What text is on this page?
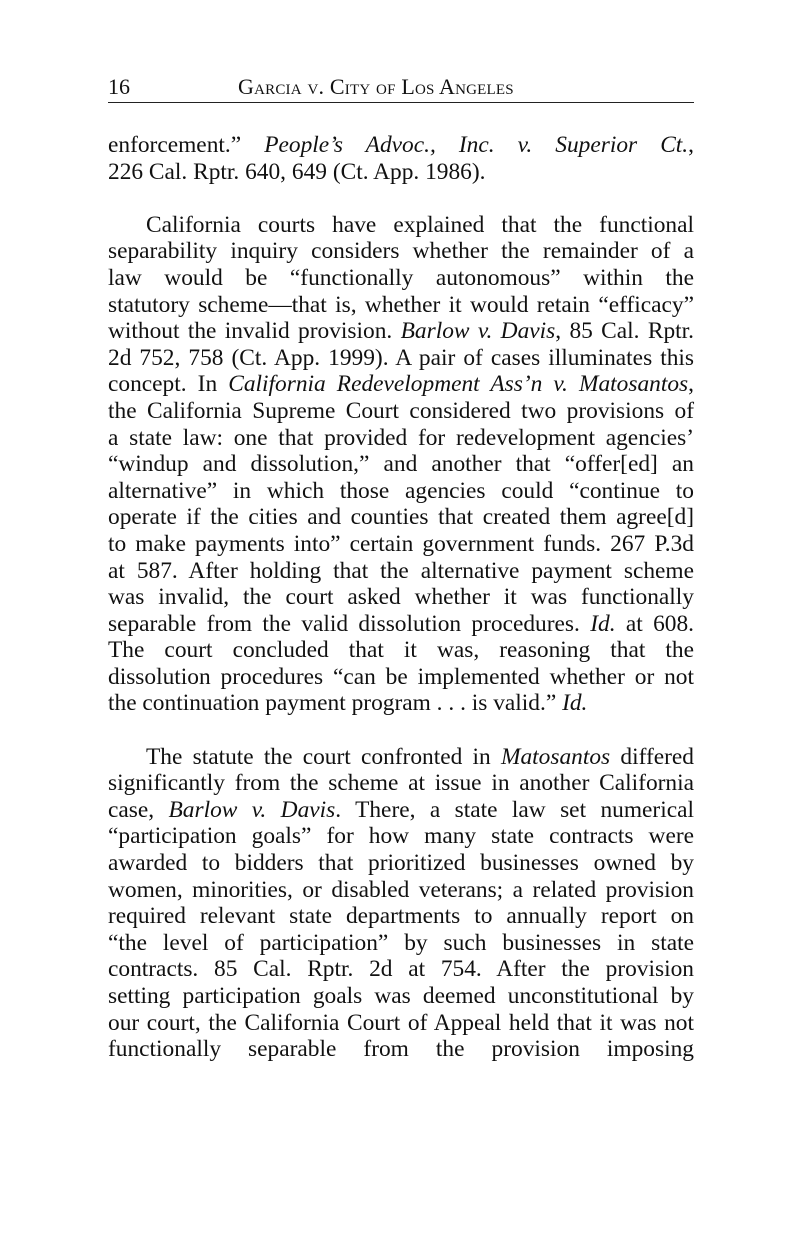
16	Garcia v. City of Los Angeles
enforcement.” People’s Advoc., Inc. v. Superior Ct.,
226 Cal. Rptr. 640, 649 (Ct. App. 1986).
California courts have explained that the functional
separability inquiry considers whether the remainder of a
law would be “functionally autonomous” within the
statutory scheme—that is, whether it would retain “efficacy”
without the invalid provision. Barlow v. Davis, 85 Cal. Rptr.
2d 752, 758 (Ct. App. 1999). A pair of cases illuminates this
concept. In California Redevelopment Ass’n v. Matosantos,
the California Supreme Court considered two provisions of
a state law: one that provided for redevelopment agencies’
“windup and dissolution,” and another that “offer[ed] an
alternative” in which those agencies could “continue to
operate if the cities and counties that created them agree[d]
to make payments into” certain government funds. 267 P.3d
at 587. After holding that the alternative payment scheme
was invalid, the court asked whether it was functionally
separable from the valid dissolution procedures. Id. at 608.
The court concluded that it was, reasoning that the
dissolution procedures “can be implemented whether or not
the continuation payment program . . . is valid.” Id.
The statute the court confronted in Matosantos differed
significantly from the scheme at issue in another California
case, Barlow v. Davis. There, a state law set numerical
“participation goals” for how many state contracts were
awarded to bidders that prioritized businesses owned by
women, minorities, or disabled veterans; a related provision
required relevant state departments to annually report on
“the level of participation” by such businesses in state
contracts. 85 Cal. Rptr. 2d at 754. After the provision
setting participation goals was deemed unconstitutional by
our court, the California Court of Appeal held that it was not
functionally separable from the provision imposing
